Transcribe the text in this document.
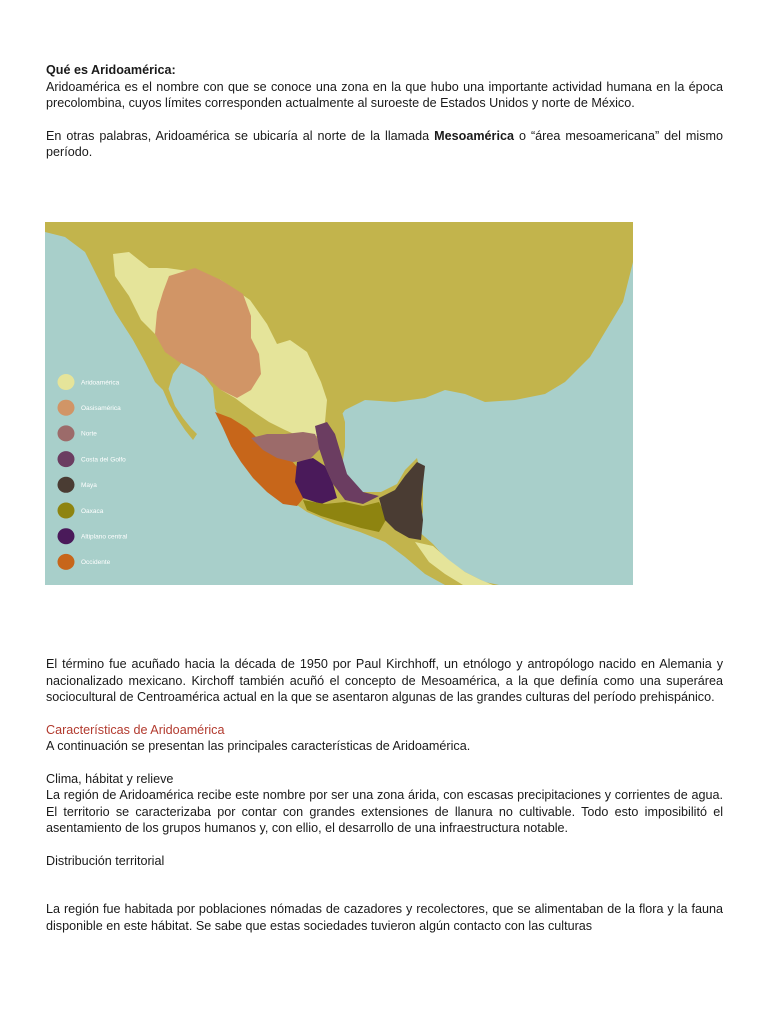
Qué es Aridoamérica:

Aridoamérica es el nombre con que se conoce una zona en la que hubo una importante actividad humana en la época precolombina, cuyos límites corresponden actualmente al suroeste de Estados Unidos y norte de México.

En otras palabras, Aridoamérica se ubicaría al norte de la llamada Mesoamérica o “área mesoamericana” del mismo período.

Aridoamérica
Oasisamérica
Norte
Costa del Golfo
Maya
Oaxaca
Altiplano central
Occidente

El término fue acuñado hacia la década de 1950 por Paul Kirchhoff, un etnólogo y antropólogo nacido en Alemania y nacionalizado mexicano. Kirchoff también acuñó el concepto de Mesoamérica, a la que definía como una superárea sociocultural de Centroamérica actual en la que se asentaron algunas de las grandes culturas del período prehispánico.

Características de Aridoamérica

A continuación se presentan las principales características de Aridoamérica.

Clima, hábitat y relieve

La región de Aridoamérica recibe este nombre por ser una zona árida, con escasas precipitaciones y corrientes de agua. El territorio se caracterizaba por contar con grandes extensiones de llanura no cultivable. Todo esto imposibilitó el asentamiento de los grupos humanos y, con ellio, el desarrollo de una infraestructura notable.

Distribución territorial

La región fue habitada por poblaciones nómadas de cazadores y recolectores, que se alimentaban de la flora y la fauna disponible en este hábitat. Se sabe que estas sociedades tuvieron algún contacto con las culturas
